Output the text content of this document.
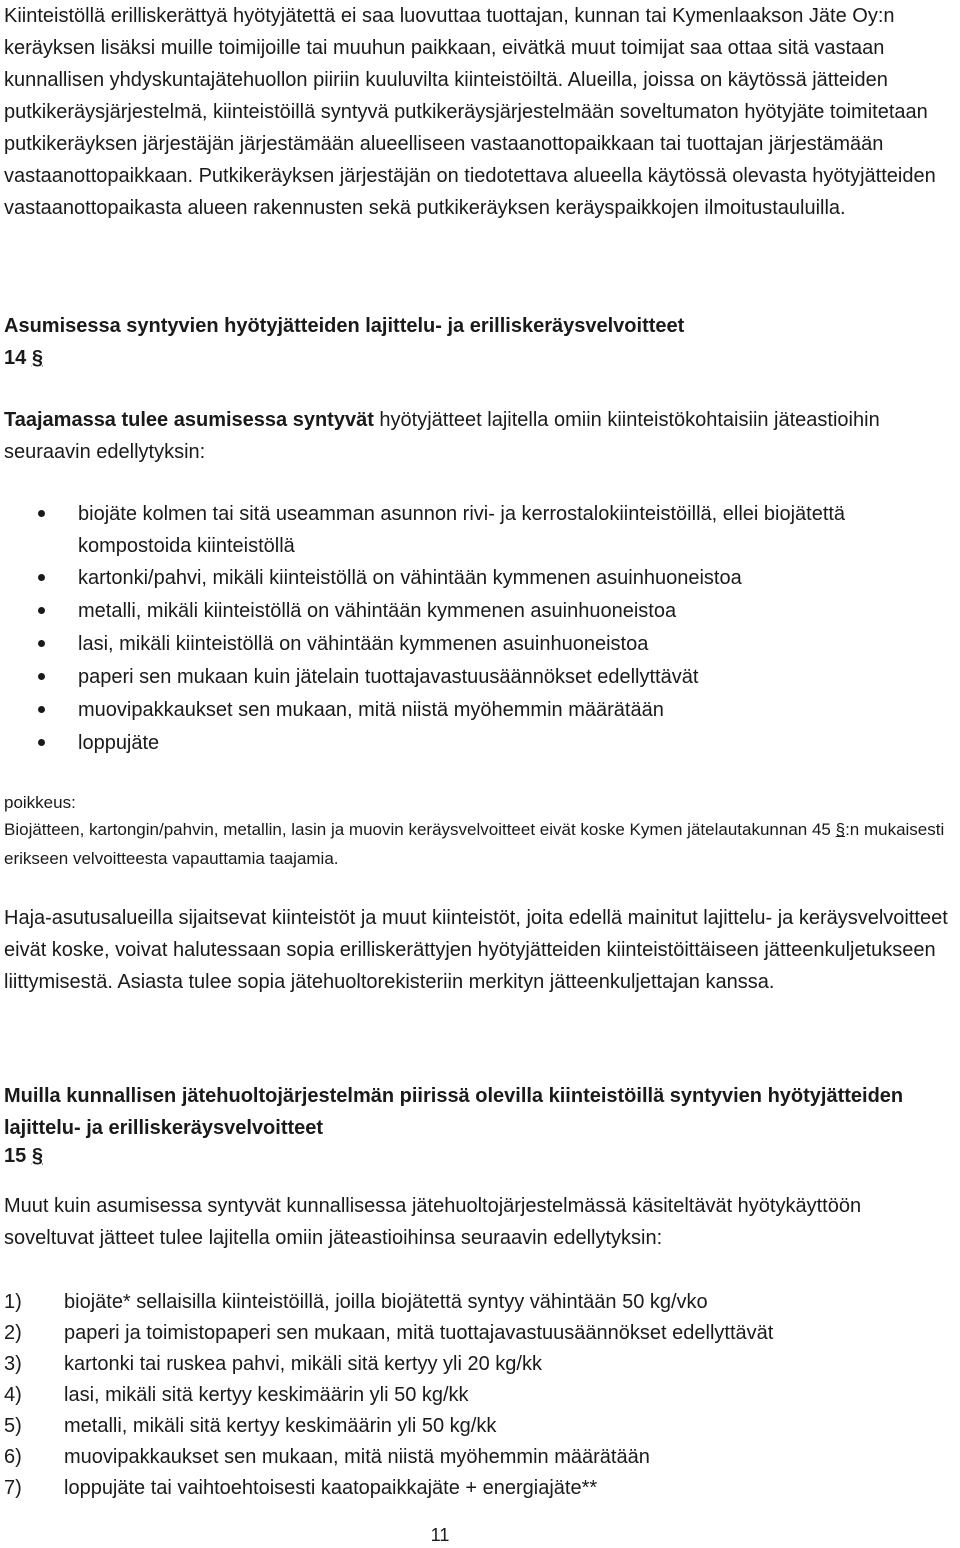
Kiinteistöllä erilliskerättyä hyötyjätettä ei saa luovuttaa tuottajan, kunnan tai Kymenlaakson Jäte Oy:n keräyksen lisäksi muille toimijoille tai muuhun paikkaan, eivätkä muut toimijat saa ottaa sitä vastaan kunnallisen yhdyskuntajätehuollon piiriin kuuluvilta kiinteistöiltä. Alueilla, joissa on käytössä jätteiden putkikeräysjärjestelmä, kiinteistöillä syntyvä putkikeräysjärjestelmään soveltumaton hyötyjäte toimitetaan putkikeräyksen järjestäjän järjestämään alueelliseen vastaanottopaikkaan tai tuottajan järjestämään vastaanottopaikkaan. Putkikeräyksen järjestäjän on tiedotettava alueella käytössä olevasta hyötyjätteiden vastaanottopaikasta alueen rakennusten sekä putkikeräyksen keräyspaikkojen ilmoitustauluilla.
Asumisessa syntyvien hyötyjätteiden lajittelu- ja erilliskeräysvelvoitteet
14 §
Taajamassa tulee asumisessa syntyvät hyötyjätteet lajitella omiin kiinteistökohtaisiin jäteastioihin seuraavin edellytyksin:
biojäte kolmen tai sitä useamman asunnon rivi- ja kerrostalokiinteistöillä, ellei biojätettä kompostoida kiinteistöllä
kartonki/pahvi, mikäli kiinteistöllä on vähintään kymmenen asuinhuoneistoa
metalli, mikäli kiinteistöllä on vähintään kymmenen asuinhuoneistoa
lasi, mikäli kiinteistöllä on vähintään kymmenen asuinhuoneistoa
paperi sen mukaan kuin jätelain tuottajavastuusäännökset edellyttävät
muovipakkaukset sen mukaan, mitä niistä myöhemmin määrätään
loppujäte
poikkeus:
Biojätteen, kartongin/pahvin, metallin, lasin ja muovin keräysvelvoitteet eivät koske Kymen jätelautakunnan 45 §:n mukaisesti erikseen velvoitteesta vapauttamia taajamia.
Haja-asutusalueilla sijaitsevat kiinteistöt ja muut kiinteistöt, joita edellä mainitut lajittelu- ja keräysvelvoitteet eivät koske, voivat halutessaan sopia erilliskerättyjen hyötyjätteiden kiinteistöittäiseen jätteenkuljetukseen liittymisestä. Asiasta tulee sopia jätehuoltorekisteriin merkityn jätteenkuljettajan kanssa.
Muilla kunnallisen jätehuoltojärjestelmän piirissä olevilla kiinteistöillä syntyvien hyötyjätteiden lajittelu- ja erilliskeräysvelvoitteet
15 §
Muut kuin asumisessa syntyvät kunnallisessa jätehuoltojärjestelmässä käsiteltävät hyötykäyttöön soveltuvat jätteet tulee lajitella omiin jäteastioihinsa seuraavin edellytyksin:
1) biojäte* sellaisilla kiinteistöillä, joilla biojätettä syntyy vähintään 50 kg/vko
2) paperi ja toimistopaperi sen mukaan, mitä tuottajavastuusäännökset edellyttävät
3) kartonki tai ruskea pahvi, mikäli sitä kertyy yli 20 kg/kk
4) lasi, mikäli sitä kertyy keskimäärin yli 50 kg/kk
5) metalli, mikäli sitä kertyy keskimäärin yli 50 kg/kk
6) muovipakkaukset sen mukaan, mitä niistä myöhemmin määrätään
7) loppujäte tai vaihtoehtoisesti kaatopaikkajäte + energiajäte**
11
